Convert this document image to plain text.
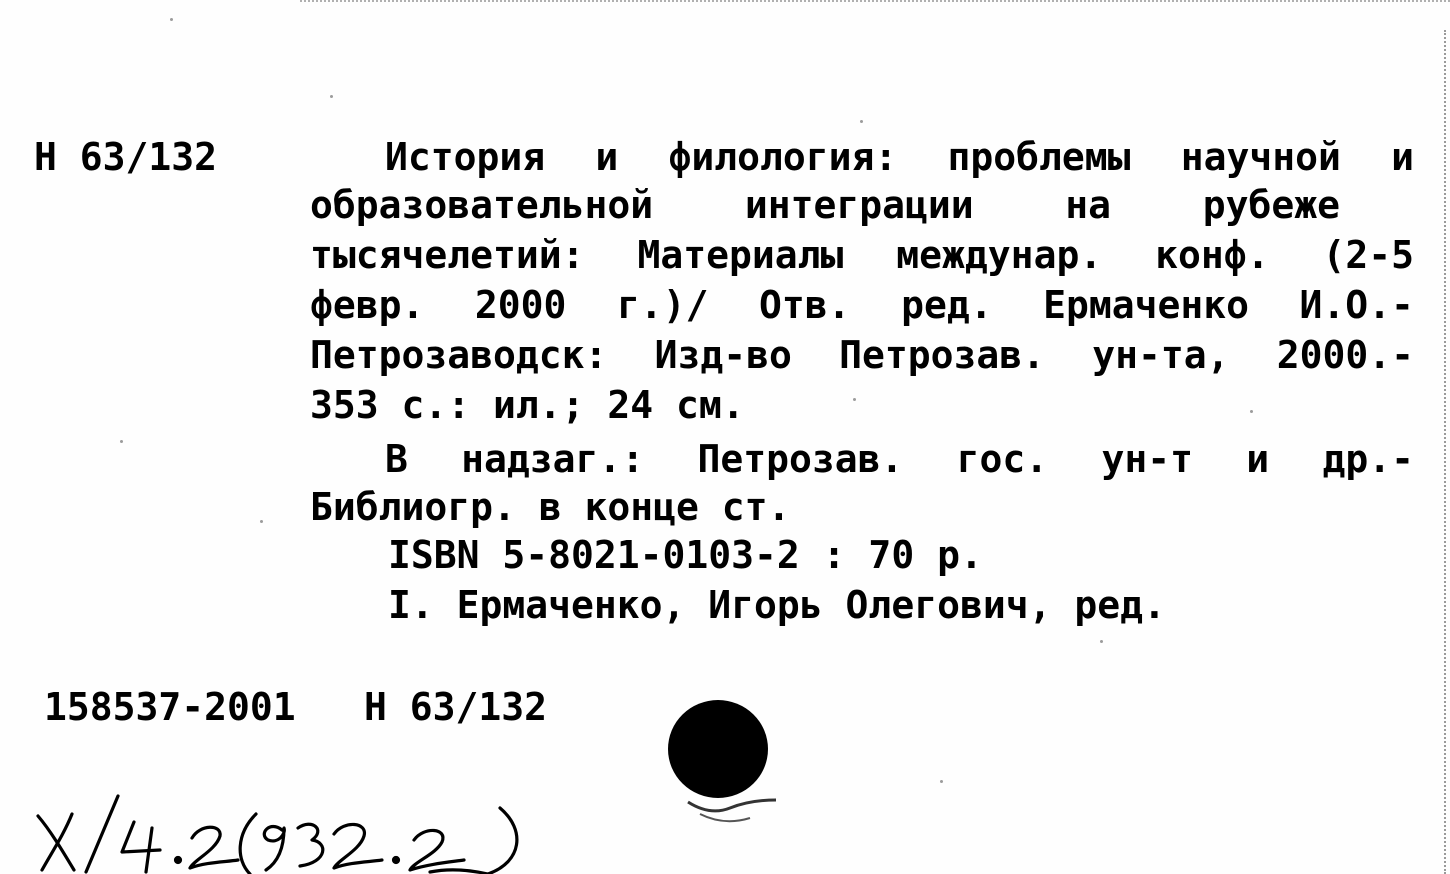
Н 63/132	История и филология: проблемы научной и
образовательной интеграции на рубеже
тысячелетий: Материалы междунар. конф. (2-5
февр. 2000 г.)/ Отв. ред. Ермаченко И.О.-
Петрозаводск: Изд-во Петрозав. ун-та, 2000.-
353 с.: ил.; 24 см.
В надзаг.: Петрозав. гос. ун-т и др.-
Библиогр. в конце ст.
ISBN 5-8021-0103-2 : 70 р.
I. Ермаченко, Игорь Олегович, ред.
158537-2001 Н 63/132
